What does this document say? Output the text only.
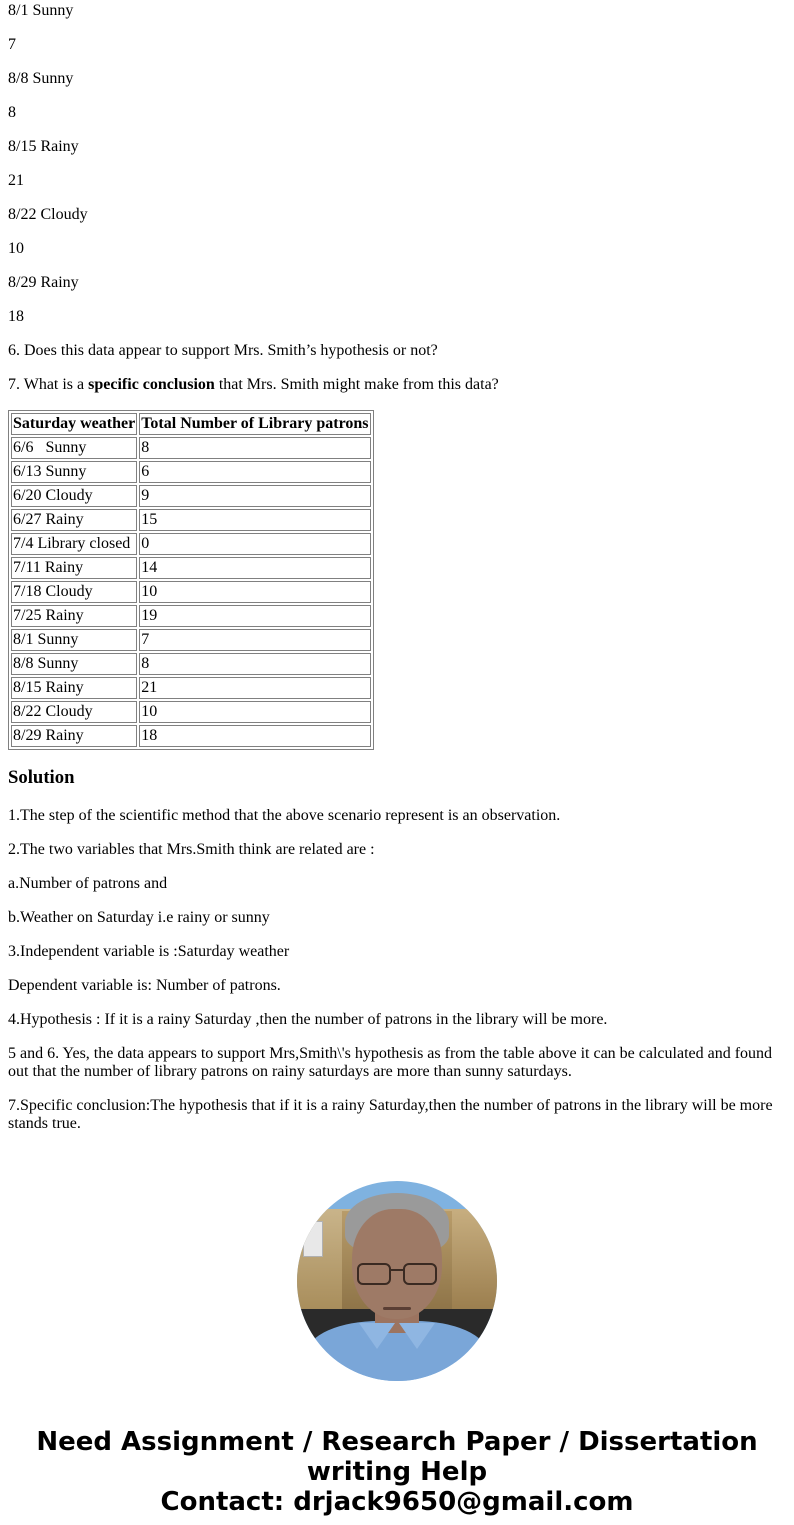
8/1 Sunny

7

8/8 Sunny

8

8/15 Rainy

21

8/22 Cloudy

10

8/29 Rainy

18

6. Does this data appear to support Mrs. Smith’s hypothesis or not?

7. What is a specific conclusion that Mrs. Smith might make from this data?

Saturday weather	Total Number of Library patrons
6/6   Sunny	8
6/13 Sunny	6
6/20 Cloudy	9
6/27 Rainy	15
7/4 Library closed	0
7/11 Rainy	14
7/18 Cloudy	10
7/25 Rainy	19
8/1 Sunny	7
8/8 Sunny	8
8/15 Rainy	21
8/22 Cloudy	10
8/29 Rainy	18
Solution

1.The step of the scientific method that the above scenario represent is an observation.

2.The two variables that Mrs.Smith think are related are :

a.Number of patrons and

b.Weather on Saturday i.e rainy or sunny

3.Independent variable is :Saturday weather

Dependent variable is: Number of patrons.

4.Hypothesis : If it is a rainy Saturday ,then the number of patrons in the library will be more.

5 and 6. Yes, the data appears to support Mrs,Smith\'s hypothesis as from the table above it can be calculated and found out that the number of library patrons on rainy saturdays are more than sunny saturdays.

7.Specific conclusion:The hypothesis that if it is a rainy Saturday,then the number of patrons in the library will be more stands true.

Need Assignment / Research Paper / Dissertation
writing Help
Contact: drjack9650@gmail.com
